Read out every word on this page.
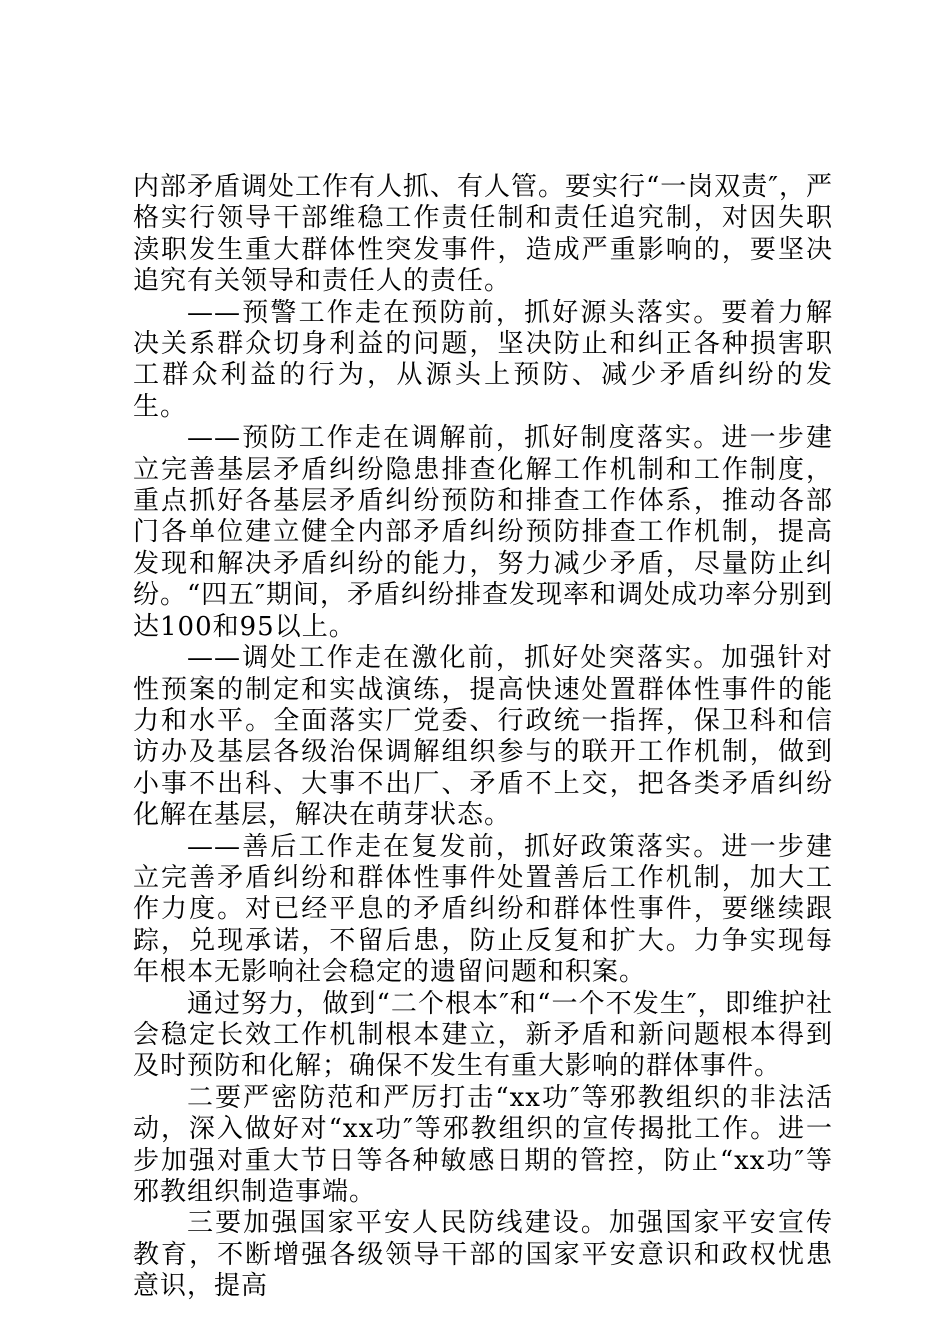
内部矛盾调处工作有人抓、有人管。要实行“一岗双责″，严格实行领导干部维稳工作责任制和责任追究制，对因失职渎职发生重大群体性突发事件，造成严重影响的，要坚决追究有关领导和责任人的责任。

——预警工作走在预防前，抓好源头落实。要着力解决关系群众切身利益的问题，坚决防止和纠正各种损害职工群众利益的行为，从源头上预防、减少矛盾纠纷的发生。

——预防工作走在调解前，抓好制度落实。进一步建立完善基层矛盾纠纷隐患排查化解工作机制和工作制度，重点抓好各基层矛盾纠纷预防和排查工作体系，推动各部门各单位建立健全内部矛盾纠纷预防排查工作机制，提高发现和解决矛盾纠纷的能力，努力减少矛盾，尽量防止纠纷。“四五″期间，矛盾纠纷排查发现率和调处成功率分别到达100和95以上。

——调处工作走在激化前，抓好处突落实。加强针对性预案的制定和实战演练，提高快速处置群体性事件的能力和水平。全面落实厂党委、行政统一指挥，保卫科和信访办及基层各级治保调解组织参与的联开工作机制，做到小事不出科、大事不出厂、矛盾不上交，把各类矛盾纠纷化解在基层，解决在萌芽状态。

——善后工作走在复发前，抓好政策落实。进一步建立完善矛盾纠纷和群体性事件处置善后工作机制，加大工作力度。对已经平息的矛盾纠纷和群体性事件，要继续跟踪，兑现承诺，不留后患，防止反复和扩大。力争实现每年根本无影响社会稳定的遗留问题和积案。

通过努力，做到“二个根本″和“一个不发生″，即维护社会稳定长效工作机制根本建立，新矛盾和新问题根本得到及时预防和化解；确保不发生有重大影响的群体事件。

二要严密防范和严厉打击“xx功″等邪教组织的非法活动，深入做好对“xx功″等邪教组织的宣传揭批工作。进一步加强对重大节日等各种敏感日期的管控，防止“xx功″等邪教组织制造事端。

三要加强国家平安人民防线建设。加强国家平安宣传教育，不断增强各级领导干部的国家平安意识和政权忧患意识，提高
